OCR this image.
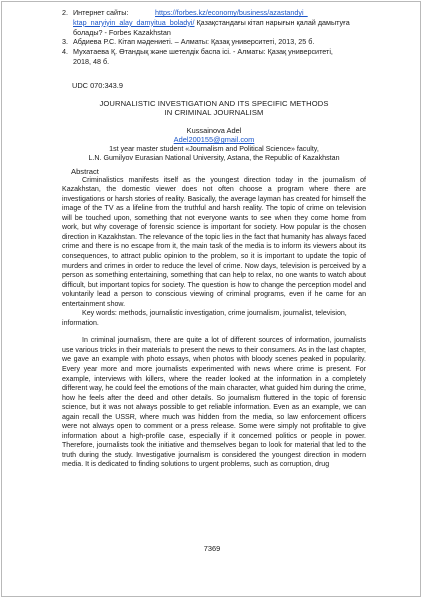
2. Интернет сайты:	https://forbes.kz/economy/business/azastandyi_
ktap_naryiyin_alay_damyitua_boladyi/ Қазақстандағы кітап нарығын қалай дамытуға
болады? - Forbes Kazakhstan
3. Абдиева Р.С. Кітап мәдениеті. – Алматы: Қазақ университеті, 2013, 25 б.
4. Мухатаева Қ. Өтандық және шетелдік баспа ісі. - Алматы: Қазақ университеті,
2018, 48 б.
UDC 070:343.9
JOURNALISTIC INVESTIGATION AND ITS SPECIFIC METHODS
IN CRIMINAL JOURNALISM
Kussainova Adel
Adel200155@gmail.com
1st year master student «Journalism and Political Science» faculty,
L.N. Gumilyov Eurasian National University, Astana, the Republic of Kazakhstan
Abstract

Criminalistics manifests itself as the youngest direction today in the journalism of Kazakhstan, the domestic viewer does not often choose a program where there are investigations or harsh stories of reality. Basically, the average layman has created for himself the image of the TV as a lifeline from the truthful and harsh reality. The topic of crime on television will be touched upon, something that not everyone wants to see when they come home from work, but why coverage of forensic science is important for society. How popular is the chosen direction in Kazakhstan. The relevance of the topic lies in the fact that humanity has always faced crime and there is no escape from it, the main task of the media is to inform its viewers about its consequences, to attract public opinion to the problem, so it is important to update the topic of murders and crimes in order to reduce the level of crime. Now days, television is perceived by a person as something entertaining, something that can help to relax, no one wants to watch about difficult, but important topics for society. The question is how to change the perception model and voluntarily lead a person to conscious viewing of criminal programs, even if he came for an entertainment show.

Key words: methods, journalistic investigation, crime journalism, journalist, television, information.

In criminal journalism, there are quite a lot of different sources of information, journalists use various tricks in their materials to present the news to their consumers. As in the last chapter, we gave an example with photo essays, when photos with bloody scenes peaked in popularity. Every year more and more journalists experimented with news where crime is present. For example, interviews with killers, where the reader looked at the information in a completely different way, he could feel the emotions of the main character, what guided him during the crime, how he feels after the deed and other details. So journalism fluttered in the topic of forensic science, but it was not always possible to get reliable information. Even as an example, we can again recall the USSR, where much was hidden from the media, so law enforcement officers were not always open to comment or a press release. Some were simply not profitable to give information about a high-profile case, especially if it concerned politics or people in power. Therefore, journalists took the initiative and themselves began to look for material that led to the truth during the study. Investigative journalism is considered the youngest direction in modern media. It is dedicated to finding solutions to urgent problems, such as corruption, drug

7369
